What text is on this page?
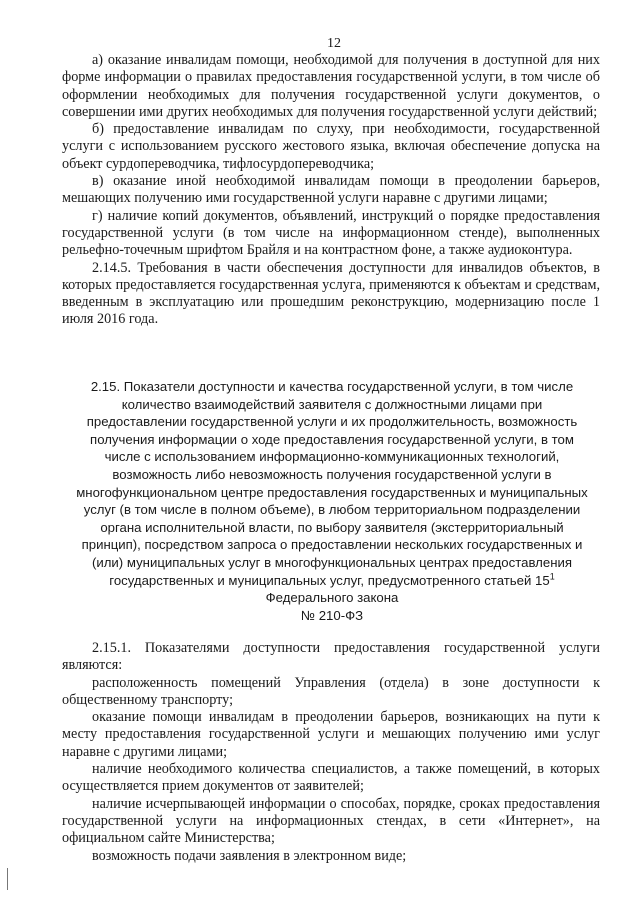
12

а) оказание инвалидам помощи, необходимой для получения в доступной для них форме информации о правилах предоставления государственной услуги, в том числе об оформлении необходимых для получения государственной услуги документов, о совершении ими других необходимых для получения государственной услуги действий;

б) предоставление инвалидам по слуху, при необходимости, государственной услуги с использованием русского жестового языка, включая обеспечение допуска на объект сурдопереводчика, тифлосурдопереводчика;

в) оказание иной необходимой инвалидам помощи в преодолении барьеров, мешающих получению ими государственной услуги наравне с другими лицами;

г) наличие копий документов, объявлений, инструкций о порядке предоставления государственной услуги (в том числе на информационном стенде), выполненных рельефно-точечным шрифтом Брайля и на контрастном фоне, а также аудиоконтура.

2.14.5. Требования в части обеспечения доступности для инвалидов объектов, в которых предоставляется государственная услуга, применяются к объектам и средствам, введенным в эксплуатацию или прошедшим реконструкцию, модернизацию после 1 июля 2016 года.

2.15. Показатели доступности и качества государственной услуги, в том числе количество взаимодействий заявителя с должностными лицами при предоставлении государственной услуги и их продолжительность, возможность получения информации о ходе предоставления государственной услуги, в том числе с использованием информационно-коммуникационных технологий, возможность либо невозможность получения государственной услуги в многофункциональном центре предоставления государственных и муниципальных услуг (в том числе в полном объеме), в любом территориальном подразделении органа исполнительной власти, по выбору заявителя (экстерриториальный принцип), посредством запроса о предоставлении нескольких государственных и (или) муниципальных услуг в многофункциональных центрах предоставления государственных и муниципальных услуг, предусмотренного статьей $15^1$ Федерального закона

№ 210-ФЗ

2.15.1. Показателями доступности предоставления государственной услуги являются:

расположенность помещений Управления (отдела) в зоне доступности к общественному транспорту;

оказание помощи инвалидам в преодолении барьеров, возникающих на пути к месту предоставления государственной услуги и мешающих получению ими услуг наравне с другими лицами;

наличие необходимого количества специалистов, а также помещений, в которых осуществляется прием документов от заявителей;

наличие исчерпывающей информации о способах, порядке, сроках предоставления государственной услуги на информационных стендах, в сети «Интернет», на официальном сайте Министерства;

возможность подачи заявления в электронном виде;
